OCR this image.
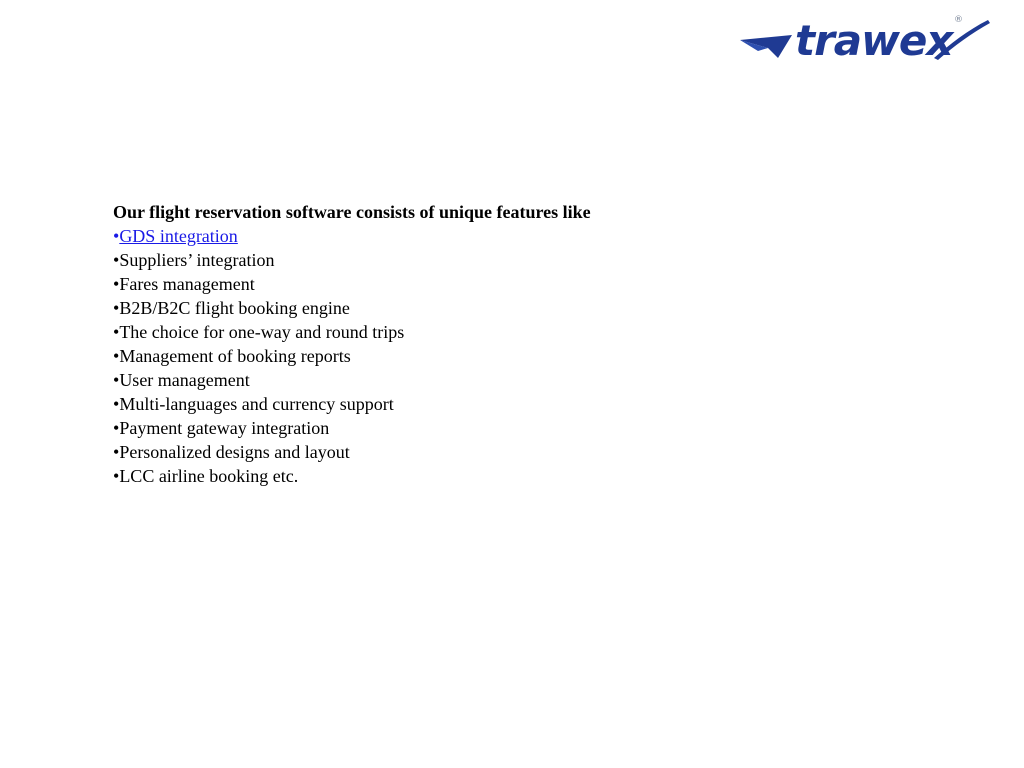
trawex ®

Our flight reservation software consists of unique features like

•GDS integration
•Suppliers’ integration
•Fares management
•B2B/B2C flight booking engine
•The choice for one-way and round trips
•Management of booking reports
•User management
•Multi-languages and currency support
•Payment gateway integration
•Personalized designs and layout
•LCC airline booking etc.
